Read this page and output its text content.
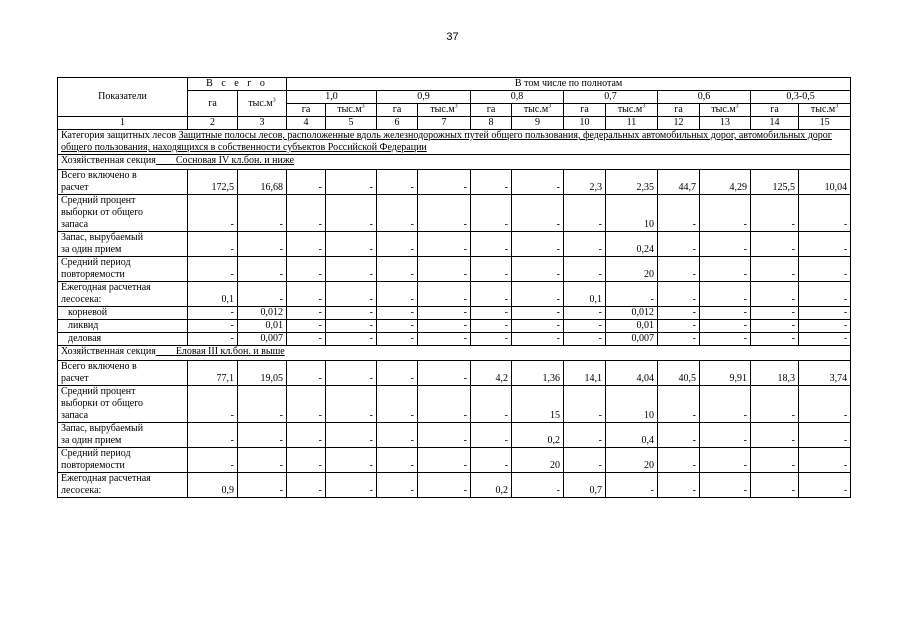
37
Показатели	В с е г о		В том числе по полнотам											
	га	$тыс.м^3$	1,0		0,9		0,8		0,7		0,6		0,3-0,5	
			га	$тыс.м^3$	га	$тыс.м^3$	га	$тыс.м^3$	га	$тыс.м^3$	га	$тыс.м^3$	га	$тыс.м^3$
1	2	3	4	5	6	7	8	9	10	11	12	13	14	15
Категория защитных лесов Защитные полосы лесов, расположенные вдоль железнодорожных путей общего пользования, федеральных автомобильных дорог, автомобильных дорог общего пользования, находящихся в собственности субъектов Российской Федерации														
Хозяйственная секция Сосновая IV кл.бон. и ниже														
Всего включено в
расчет	172,5	16,68	-	-	-	-	-	-	2,3	2,35	44,7	4,29	125,5	10,04
Средний процент
выборки от общего
запаса	-	-	-	-	-	-	-	-	-	10	-	-	-	-
Запас, вырубаемый
за один прием	-	-	-	-	-	-	-	-	-	0,24	-	-	-	-
Средний период
повторяемости	-	-	-	-	-	-	-	-	-	20	-	-	-	-
Ежегодная расчетная
лесосека:	0,1	-	-	-	-	-	-	-	0,1	-	-	-	-	-
корневой	-	0,012	-	-	-	-	-	-	-	0,012	-	-	-	-
ликвид	-	0,01	-	-	-	-	-	-	-	0,01	-	-	-	-
деловая	-	0,007	-	-	-	-	-	-	-	0,007	-	-	-	-
Хозяйственная секция Еловая III кл.бон. и выше														
Всего включено в
расчет	77,1	19,05	-	-	-	-	4,2	1,36	14,1	4,04	40,5	9,91	18,3	3,74
Средний процент
выборки от общего
запаса	-	-	-	-	-	-	-	15	-	10	-	-	-	-
Запас, вырубаемый
за один прием	-	-	-	-	-	-	-	0,2	-	0,4	-	-	-	-
Средний период
повторяемости	-	-	-	-	-	-	-	20	-	20	-	-	-	-
Ежегодная расчетная
лесосека:	0,9	-	-	-	-	-	0,2	-	0,7	-	-	-	-	-
